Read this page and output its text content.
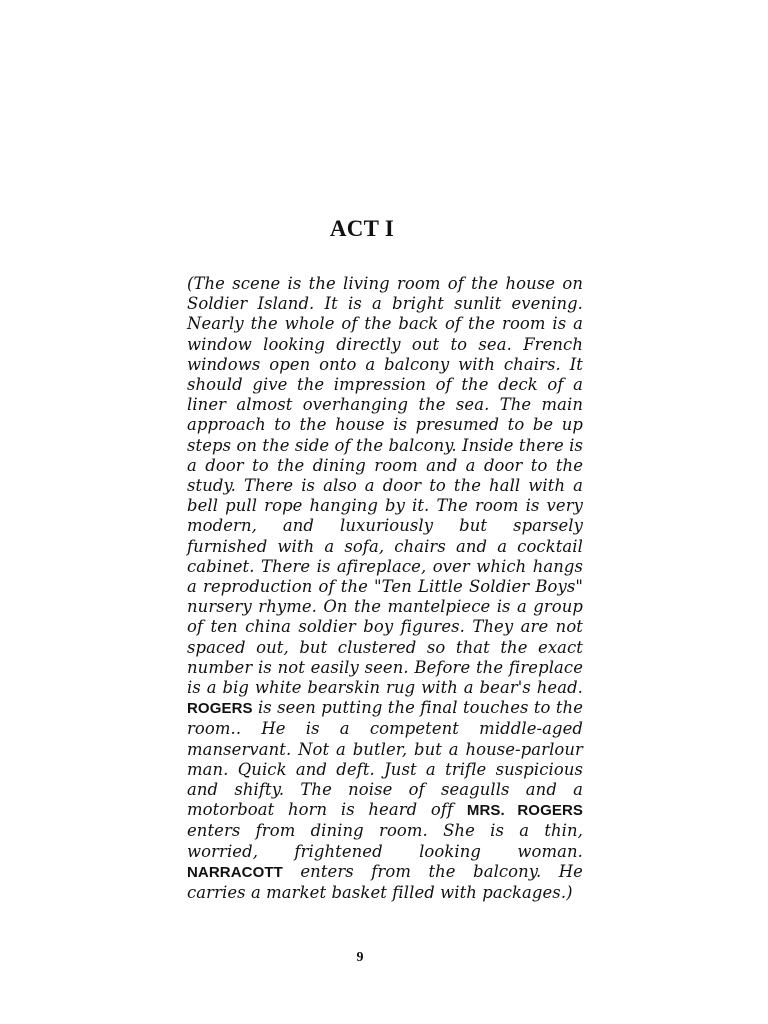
ACT I

(The scene is the living room of the house on Soldier Island. It is a bright sunlit evening. Nearly the whole of the back of the room is a window looking directly out to sea. French windows open onto a balcony with chairs. It should give the impression of the deck of a liner almost overhanging the sea. The main approach to the house is presumed to be up steps on the side of the balcony. Inside there is a door to the dining room and a door to the study. There is also a door to the hall with a bell pull rope hanging by it. The room is very modern, and luxuriously but sparsely furnished with a sofa, chairs and a cocktail cabinet. There is afireplace, over which hangs a reproduction of the "Ten Little Soldier Boys" nursery rhyme. On the mantelpiece is a group of ten china soldier boy figures. They are not spaced out, but clustered so that the exact number is not easily seen. Before the fireplace is a big white bearskin rug with a bear's head. ROGERS is seen putting the final touches to the room.. He is a competent middle-aged manservant. Not a butler, but a house-parlour man. Quick and deft. Just a trifle suspicious and shifty. The noise of seagulls and a motorboat horn is heard off MRS. ROGERS enters from dining room. She is a thin, worried, frightened looking woman. NARRACOTT enters from the balcony. He carries a market basket filled with packages.)

9
